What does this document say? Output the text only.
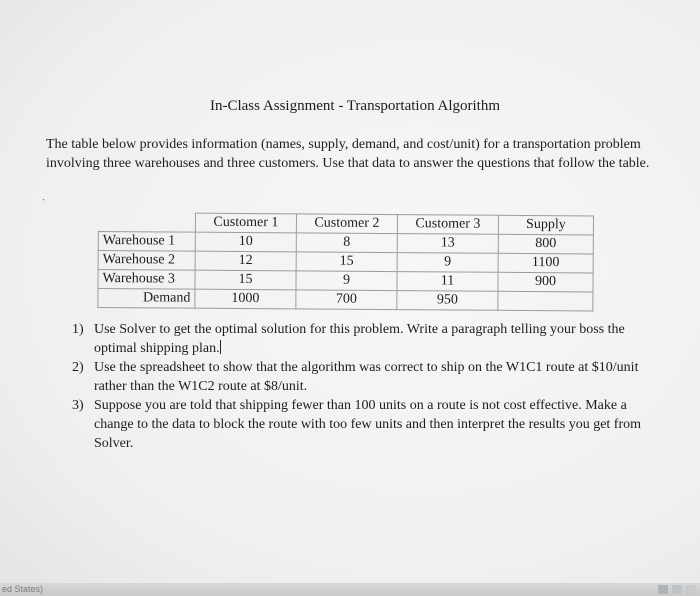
In-Class Assignment - Transportation Algorithm
The table below provides information (names, supply, demand, and cost/unit) for a transportation problem involving three warehouses and three customers. Use that data to answer the questions that follow the table.
ˎ
	Customer 1	Customer 2	Customer 3	Supply
Warehouse 1	10	8	13	800
Warehouse 2	12	15	9	1100
Warehouse 3	15	9	11	900
Demand	1000	700	950	
1) Use Solver to get the optimal solution for this problem. Write a paragraph telling your boss the optimal shipping plan.
2) Use the spreadsheet to show that the algorithm was correct to ship on the W1C1 route at $10/unit rather than the W1C2 route at $8/unit.
3) Suppose you are told that shipping fewer than 100 units on a route is not cost effective. Make a change to the data to block the route with too few units and then interpret the results you get from Solver.
ed States)
